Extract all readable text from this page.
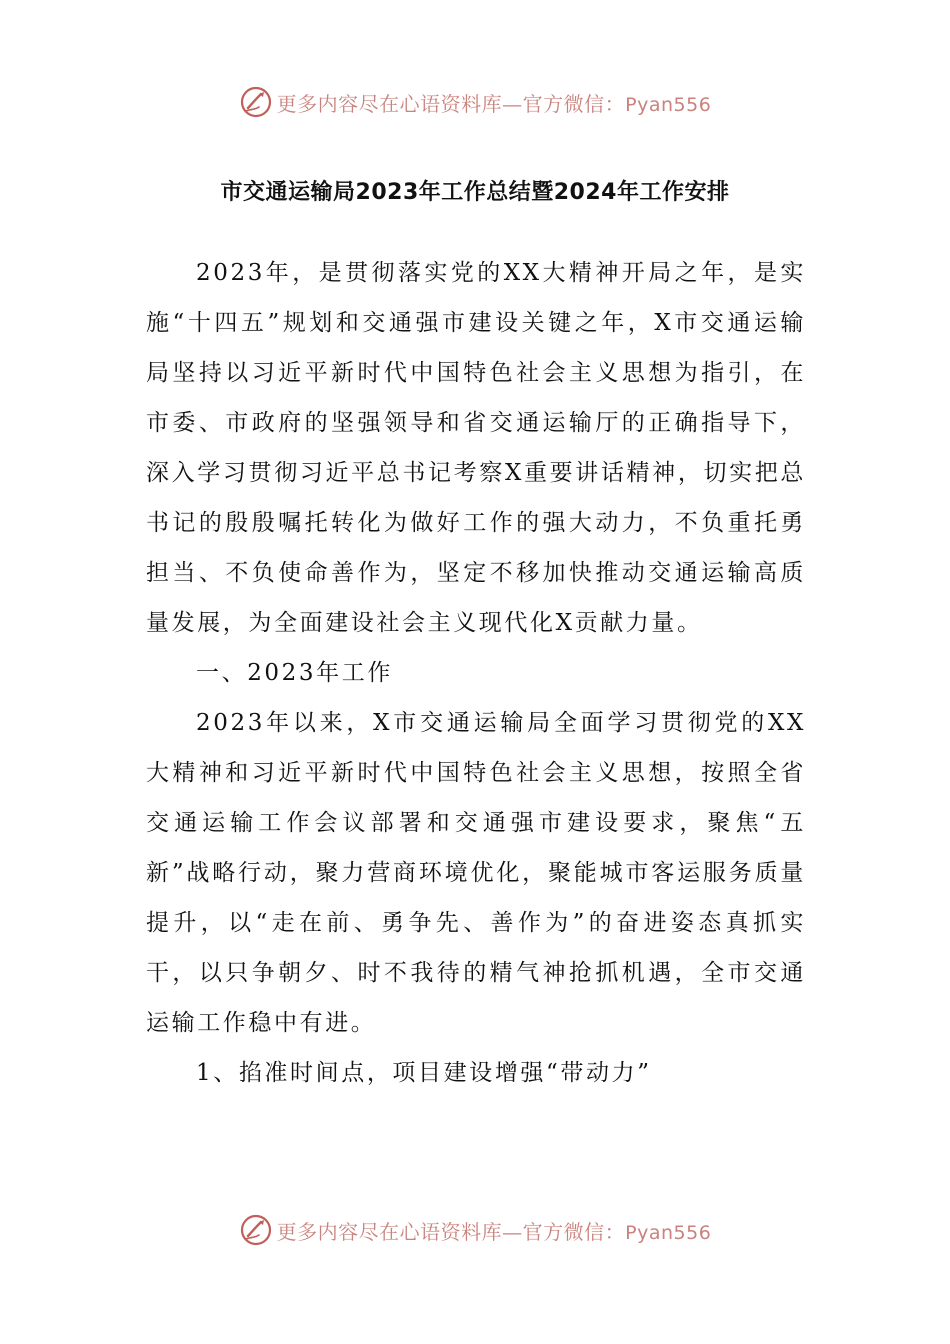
更多内容尽在心语资料库—官方微信：Pyan556
市交通运输局2023年工作总结暨2024年工作安排

2023年，是贯彻落实党的XX大精神开局之年，是实施“十四五”规划和交通强市建设关键之年，X市交通运输局坚持以习近平新时代中国特色社会主义思想为指引，在市委、市政府的坚强领导和省交通运输厅的正确指导下，深入学习贯彻习近平总书记考察X重要讲话精神，切实把总书记的殷殷嘱托转化为做好工作的强大动力，不负重托勇担当、不负使命善作为，坚定不移加快推动交通运输高质量发展，为全面建设社会主义现代化X贡献力量。

一、2023年工作

2023年以来，X市交通运输局全面学习贯彻党的XX大精神和习近平新时代中国特色社会主义思想，按照全省交通运输工作会议部署和交通强市建设要求，聚焦“五新”战略行动，聚力营商环境优化，聚能城市客运服务质量提升，以“走在前、勇争先、善作为”的奋进姿态真抓实干，以只争朝夕、时不我待的精气神抢抓机遇，全市交通运输工作稳中有进。

1、掐准时间点，项目建设增强“带动力”

更多内容尽在心语资料库—官方微信：Pyan556
